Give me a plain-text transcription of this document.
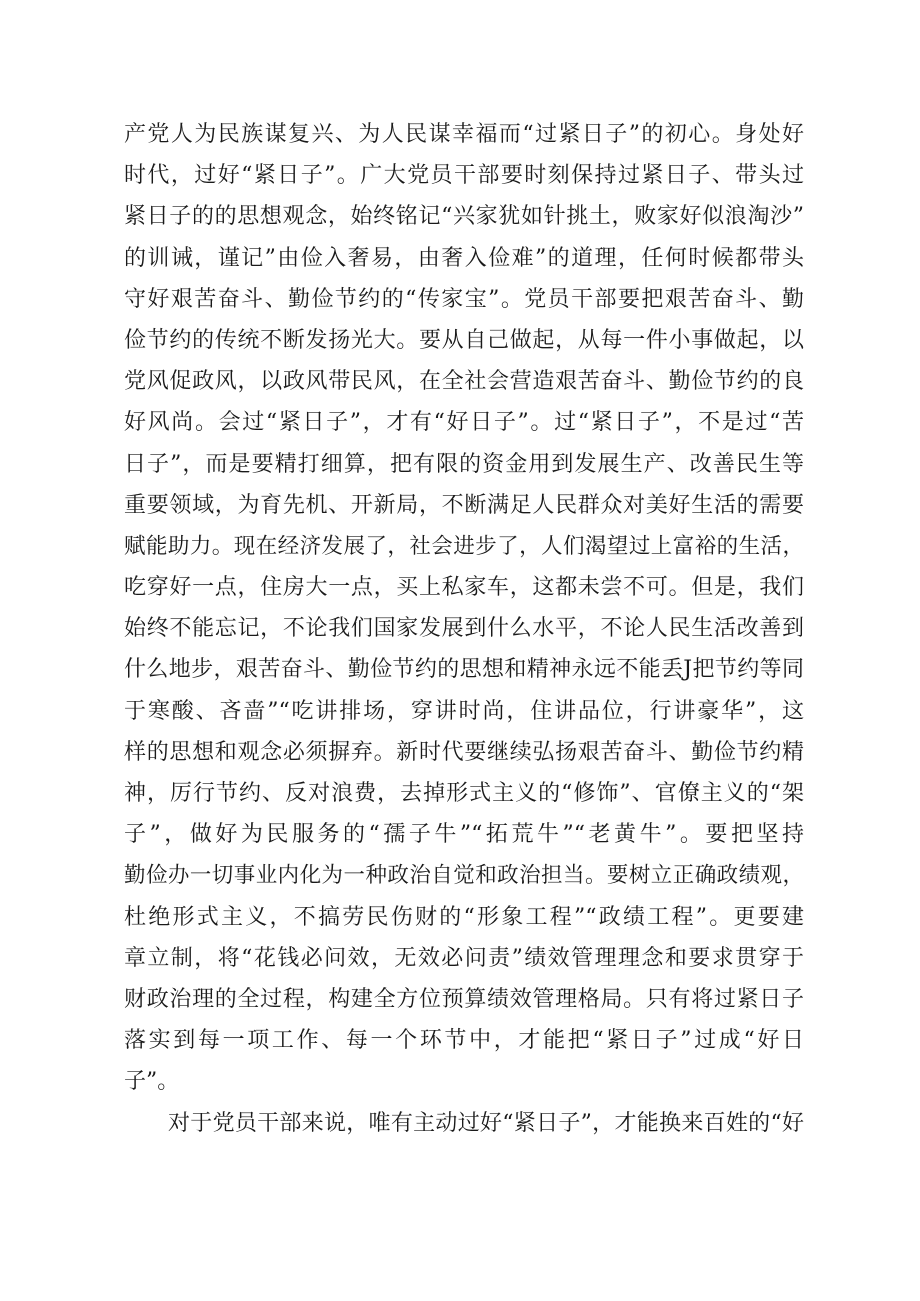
产党人为民族谋复兴、为人民谋幸福而“过紧日子”的初心。身处好
时代，过好“紧日子”。广大党员干部要时刻保持过紧日子、带头过
紧日子的的思想观念，始终铭记“兴家犹如针挑土，败家好似浪淘沙”
的训诫，谨记”由俭入奢易，由奢入俭难”的道理，任何时候都带头
守好艰苦奋斗、勤俭节约的“传家宝”。党员干部要把艰苦奋斗、勤
俭节约的传统不断发扬光大。要从自己做起，从每一件小事做起，以
党风促政风，以政风带民风，在全社会营造艰苦奋斗、勤俭节约的良
好风尚。会过“紧日子”，才有“好日子”。过“紧日子”，不是过“苦
日子”，而是要精打细算，把有限的资金用到发展生产、改善民生等
重要领域，为育先机、开新局，不断满足人民群众对美好生活的需要
赋能助力。现在经济发展了，社会进步了，人们渴望过上富裕的生活，
吃穿好一点，住房大一点，买上私家车，这都未尝不可。但是，我们
始终不能忘记，不论我们国家发展到什么水平，不论人民生活改善到
什么地步，艰苦奋斗、勤俭节约的思想和精神永远不能丢J把节约等同
于寒酸、吝啬”“吃讲排场，穿讲时尚，住讲品位，行讲豪华”，这
样的思想和观念必须摒弃。新时代要继续弘扬艰苦奋斗、勤俭节约精
神，厉行节约、反对浪费，去掉形式主义的“修饰”、官僚主义的“架
子”，做好为民服务的“孺子牛”“拓荒牛”“老黄牛”。要把坚持
勤俭办一切事业内化为一种政治自觉和政治担当。要树立正确政绩观，
杜绝形式主义，不搞劳民伤财的“形象工程”“政绩工程”。更要建
章立制，将“花钱必问效，无效必问责”绩效管理理念和要求贯穿于
财政治理的全过程，构建全方位预算绩效管理格局。只有将过紧日子
落实到每一项工作、每一个环节中，才能把“紧日子”过成“好日
子”。
对于党员干部来说，唯有主动过好“紧日子”，才能换来百姓的“好
